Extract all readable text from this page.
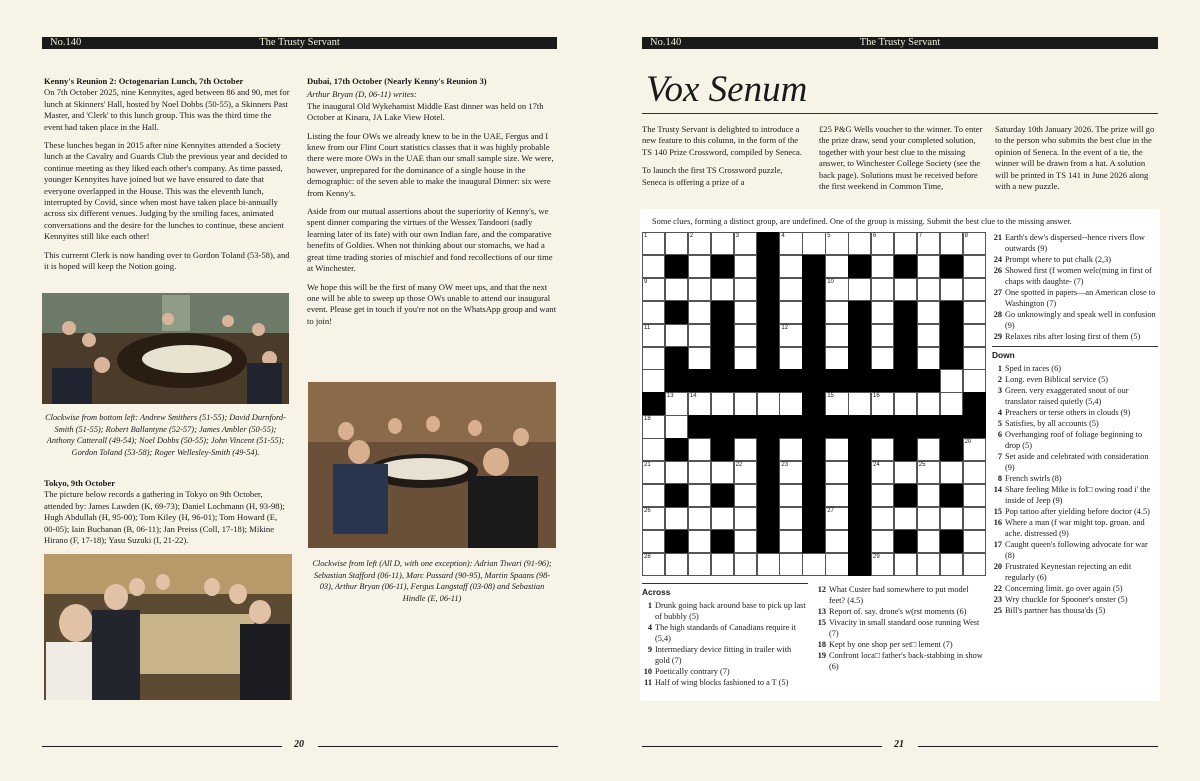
No.140	The Trusty Servant
Kenny's Reunion 2: Octogenarian Lunch, 7th October

On 7th October 2025, nine Kennyites, aged between 86 and 90, met for lunch at Skinners' Hall, hosted by Noel Dobbs (50-55), a Skinners Past Master, and 'Clerk' to this lunch group. This was the third time the event had taken place in the Hall.

These lunches began in 2015 after nine Kennyites attended a Society lunch at the Cavalry and Guards Club the previous year and decided to continue meeting as they liked each other's company. As time passed, younger Kennyites have joined but we have ensured to date that everyone overlapped in the House. This was the eleventh lunch, interrupted by Covid, since when most have taken place bi-annually across six different venues. Judging by the smiling faces, animated conversations and the desire for the lunches to continue, these ancient Kennyites still like each other!

This currernt Clerk is now handing over to Gordon Toland (53-58), and it is hoped will keep the Notion going.

Clockwise from bottom left: Andrew Smithers (51-55); David Durnford-Smith (51-55); Robert Ballantyne (52-57); James Ambler (50-55); Anthony Catterall (49-54); Noel Dobbs (50-55); John Vincent (51-55); Gordon Toland (53-58); Roger Wellesley-Smith (49-54).
Tokyo, 9th October

The picture below records a gathering in Tokyo on 9th October, attended by: James Lawden (K, 69-73); Daniel Lochmann (H, 93-98); Hugh Abdullah (H, 95-00); Tom Kiley (H, 96-01); Tom Howard (E, 00-05); Iain Buchanan (B, 06-11); Jan Preiss (Coll, 17-18); Mikine Hirano (F, 17-18); Yasu Suzuki (I, 21-22).

Dubai, 17th October (Nearly Kenny's Reunion 3)

Arthur Bryan (D, 06-11) writes:

The inaugural Old Wykehamist Middle East dinner was held on 17th October at Kinara, JA Lake View Hotel.

Listing the four OWs we already knew to be in the UAE, Fergus and I knew from our Flint Court statistics classes that it was highly probable there were more OWs in the UAE than our small sample size. We were, however, unprepared for the dominance of a single house in the demographic: of the seven able to make the inaugural Dinner: six were from Kenny's.

Aside from our mutual assertions about the superiority of Kenny's, we spent dinner comparing the virtues of the Wessex Tandoori (sadly learning later of its fate) with our own Indian fare, and the comparative benefits of Goldies. When not thinking about our stomachs, we had a great time trading stories of mischief and fond recollections of our time at Winchester.

We hope this will be the first of many OW meet ups, and that the next one will be able to sweep up those OWs unable to attend our inaugural event. Please get in touch if you're not on the WhatsApp group and want to join!

Clockwise from left (All D, with one exception): Adrian Tiwari (91-96); Sebastian Stafford (06-11), Marc Pussard (90-95), Martin Spaans (98-03), Arthur Bryan (06-11), Fergus Langstaff (03-08) and Sebastian Hindle (E, 06-11)
20
No.140	The Trusty Servant
Vox Senum

The Trusty Servant is delighted to introduce a new feature to this column, in the form of the TS 140 Prize Crossword, compiled by Seneca.

To launch the first TS Crossword puzzle, Seneca is offering a prize of a

£25 P&G Wells voucher to the winner. To enter the prize draw, send your completed solution, together with your best clue to the missing answer, to Winchester College Society (see the back page). Solutions must be received before the first weekend in Common Time,

Saturday 10th January 2026. The prize will go to the person who submits the best clue in the opinion of Seneca. In the event of a tie, the winner will be drawn from a hat. A solution will be printed in TS 141 in June 2026 along with a new puzzle.

Some clues, forming a distinct group, are undefined. One of the group is missing. Submit the best clue to the missing answer.
1	2	3	4	5	6	7	8
9	10
11	12
13	14	15	16
18
20
21	22	23	24	25
26	27
28	29
Across
1 Drunk going back around base to pick up last of bubbly (5)
4 The high standards of Canadians require it (5,4)
9 Intermediary device fitting in trailer with gold (7)
10 Poetically contrary (7)
11 Half of wing blocks fashioned to a T (5)
12 What Custer had somewhere to put model feet? (4.5)
13 Report of. say. drone's w(rst moments (6)
15 Vivacity in small standard oose running West (7)
18 Kept by one shop per set□ lement (7)
19 Confront loca□ father's back-stabbing in show (6)
21 Earth's dew's dispersed--hence rivers flow outwards (9)
24 Prompt where to put chalk (2,3)
26 Showed first (f women welc(ming in first of chaps with daughte- (7)
27 One spotted in papers—an American close to Washington (7)
28 Go unknowingly and speak well in confusion (9)
29 Relaxes ribs after losing first of them (5)
Down
1 Sped in races (6)
2 Long. even Biblical service (5)
3 Green. very exaggerated snout of our translator raised quietly (5,4)
4 Preachers or terse others in clouds (9)
5 Satisfies, by all accounts (5)
6 Overhanging roof of foliage beginning to drop (5)
7 Set aside and celebrated with consideration (9)
8 French swirls (8)
14 Share feeling Mike is fol□ owing road i' the inside of Jeep (9)
15 Pop tattoo after yielding before doctor (4.5)
16 Where a man (f war might top. groan. and ache. distressed (9)
17 Caught queen's following advocate for war (8)
20 Frustrated Keynesian rejecting an edit regularly (6)
22 Concerning limit. go over again (5)
23 Wry chuckle for Spooner's onster (5)
25 Bill's partner has thousa'ds (5)
21
